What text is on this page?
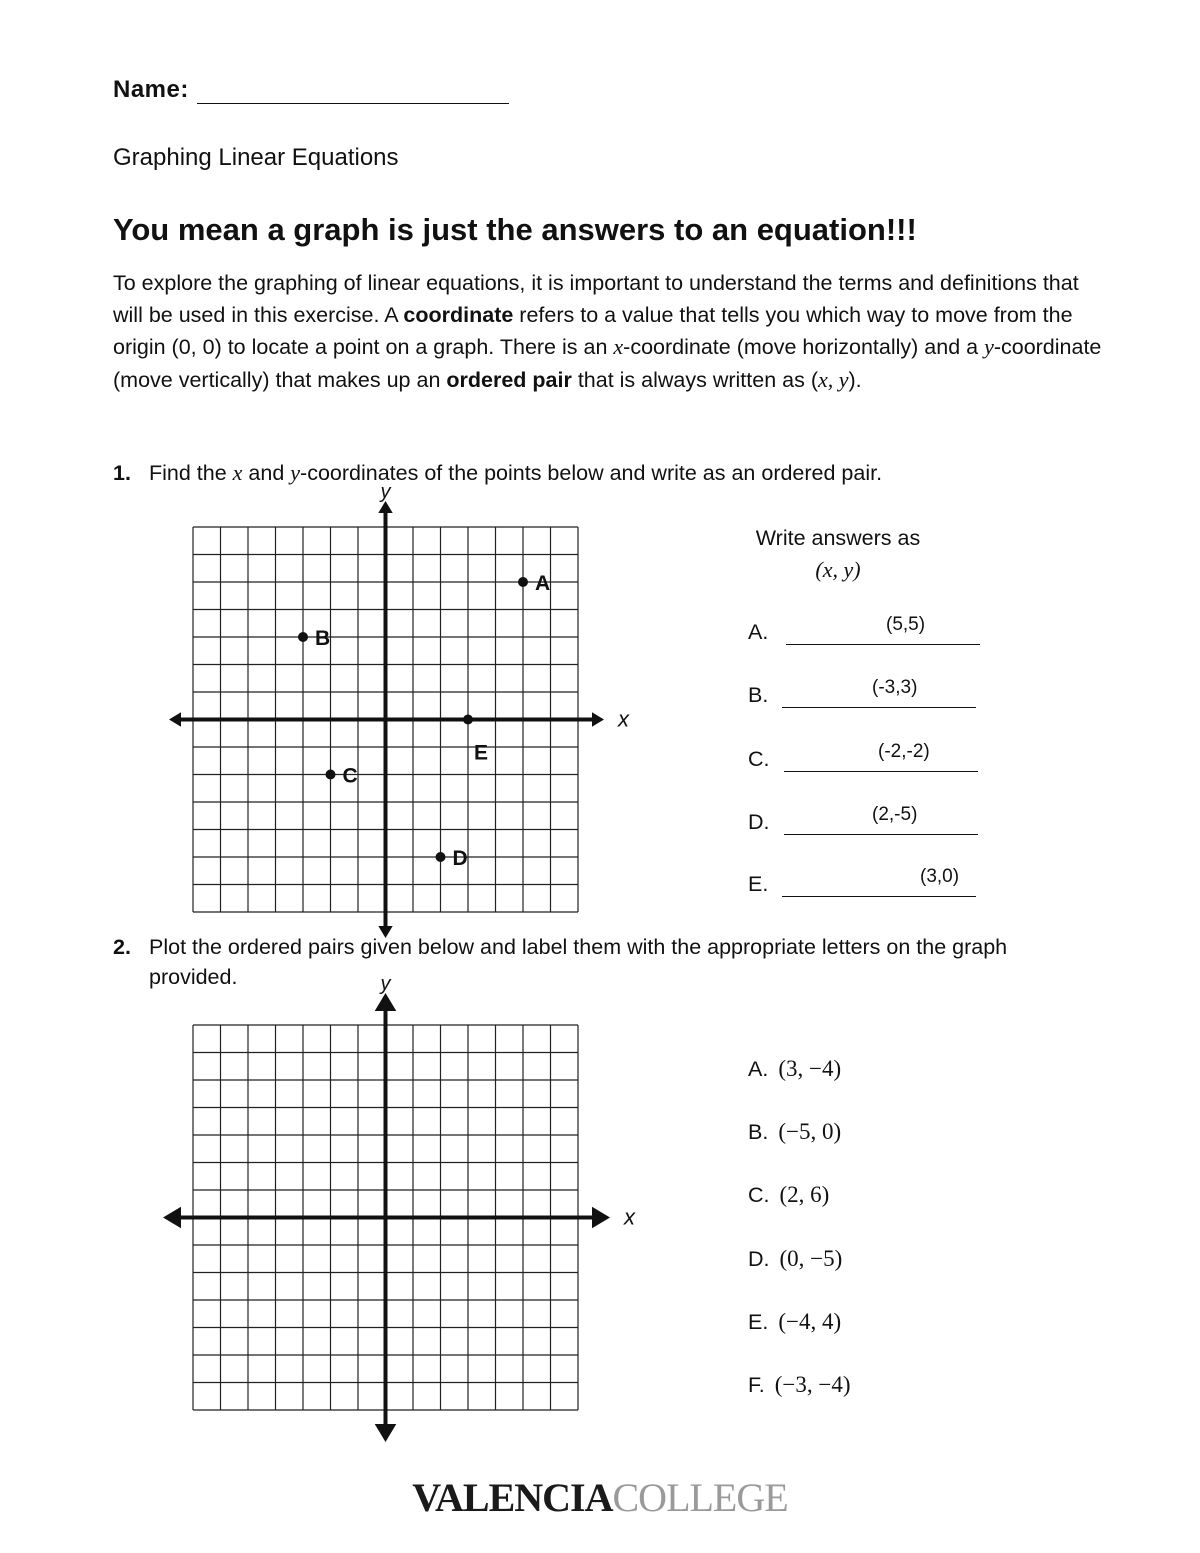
Name:
Graphing Linear Equations
You mean a graph is just the answers to an equation!!!
To explore the graphing of linear equations, it is important to understand the terms and definitions that will be used in this exercise. A coordinate refers to a value that tells you which way to move from the origin (0, 0) to locate a point on a graph. There is an x-coordinate (move horizontally) and a y-coordinate (move vertically) that makes up an ordered pair that is always written as (x, y).
1. Find the x and y-coordinates of the points below and write as an ordered pair.
x
y
A
B
C
D
E
Write answers as
(x, y)
A.	(5,5)
B.	(-3,3)
C.	(-2,-2)
D.	(2,-5)
E.	(3,0)
2. Plot the ordered pairs given below and label them with the appropriate letters on the graph provided.
x
y
A. (3, −4)
B. (−5, 0)
C. (2, 6)
D. (0, −5)
E. (−4, 4)
F. (−3, −4)
VALENCIACOLLEGE
